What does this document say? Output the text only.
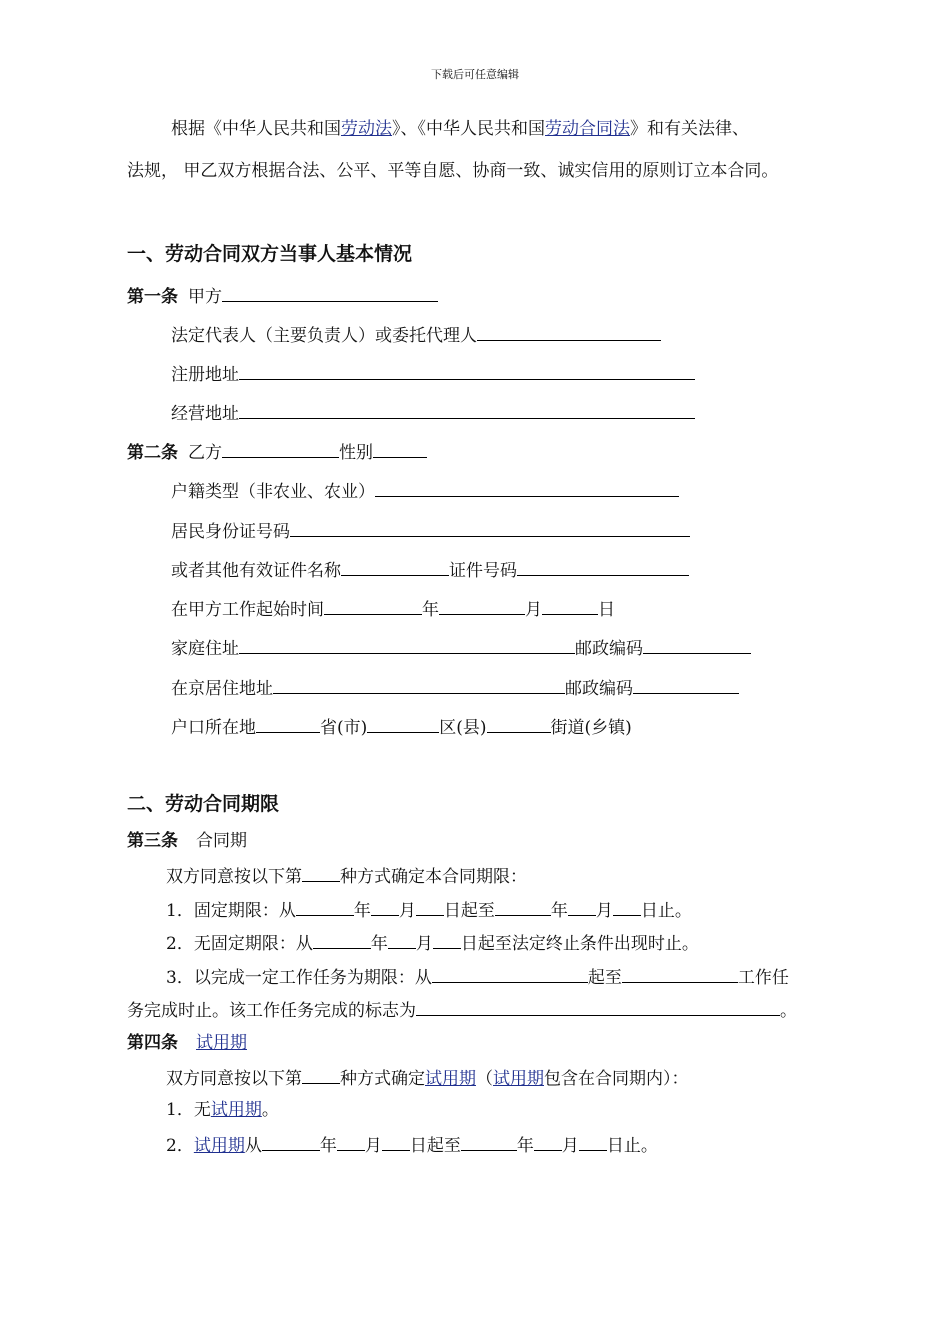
下载后可任意编辑
根据《中华人民共和国劳动法》、《中华人民共和国劳动合同法》和有关法律、
法规， 甲乙双方根据合法、公平、平等自愿、协商一致、诚实信用的原则订立本合同。
一、劳动合同双方当事人基本情况
第一条 甲方
法定代表人（主要负责人）或委托代理人
注册地址
经营地址
第二条 乙方	性别
户籍类型（非农业、农业）
居民身份证号码
或者其他有效证件名称	证件号码
在甲方工作起始时间	年	月	日
家庭住址	邮政编码
在京居住地址	邮政编码
户口所在地	省(市)	区(县)	街道(乡镇)
二、劳动合同期限
第三条 合同期
双方同意按以下第 种方式确定本合同期限：
1．固定期限：从	年 月 日起至	年 月 日止。
2．无固定期限：从	年 月 日起至法定终止条件出现时止。
3．以完成一定工作任务为期限：从	起至	工作任
务完成时止。该工作任务完成的标志为	。
第四条 试用期
双方同意按以下第 种方式确定试用期（试用期包含在合同期内）：
1．无试用期。
2．试用期从	年 月 日起至	年 月 日止。
